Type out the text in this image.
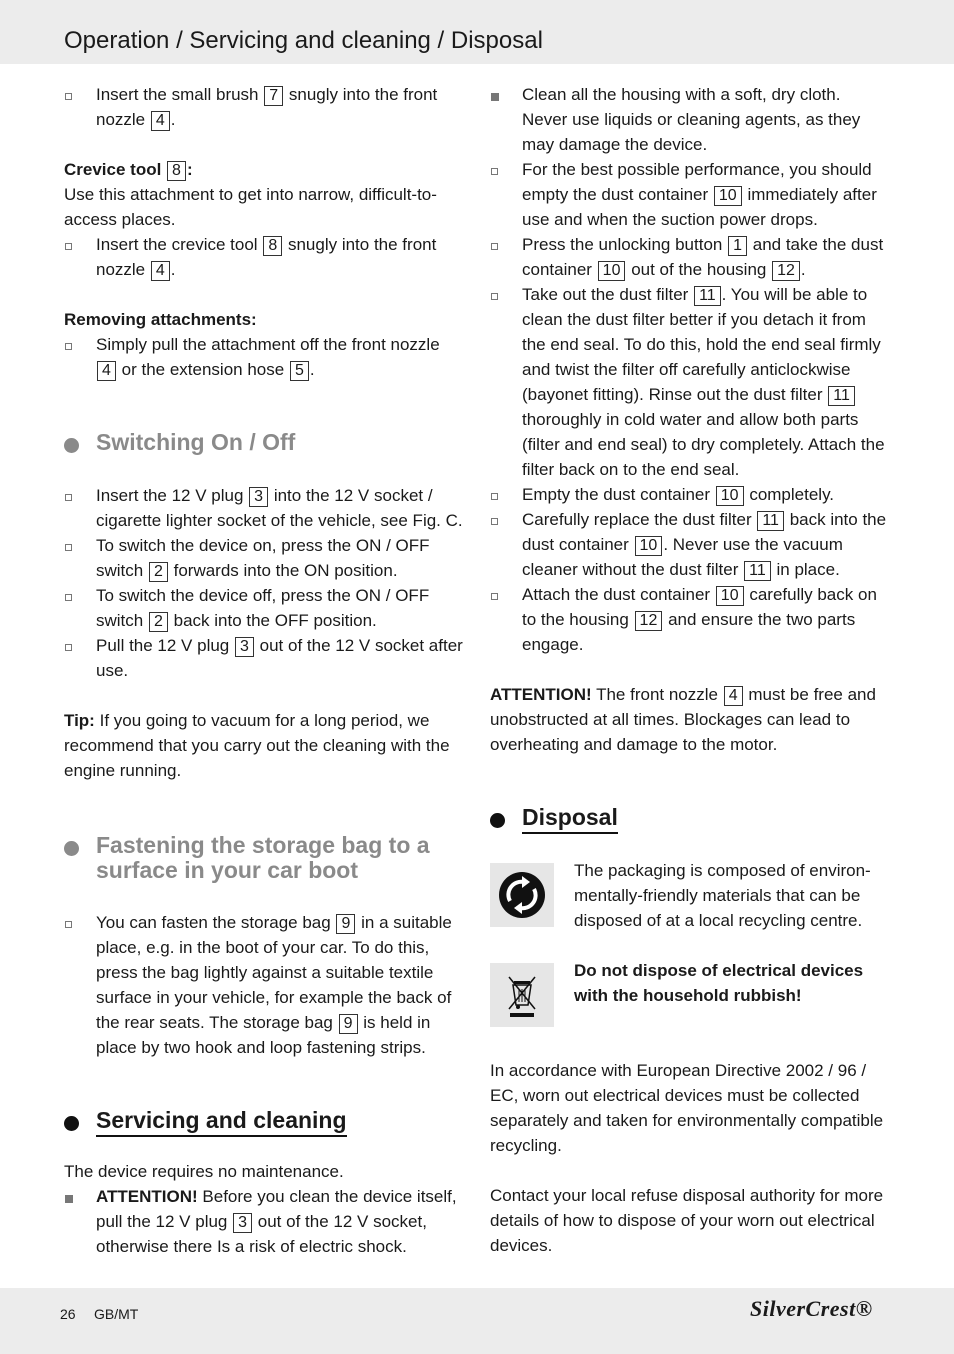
Operation / Servicing and cleaning / Disposal
Insert the small brush 7 snugly into the front nozzle 4 .

Crevice tool 8 :

Use this attachment to get into narrow, difficult-to-access places.

Insert the crevice tool 8 snugly into the front nozzle 4 .

Removing attachments:

Simply pull the attachment off the front nozzle 4 or the extension hose 5 .
Switching On / Off
Insert the 12 V plug 3 into the 12 V socket / cigarette lighter socket of the vehicle, see Fig. C.
To switch the device on, press the ON / OFF switch 2 forwards into the ON position.
To switch the device off, press the ON / OFF switch 2 back into the OFF position.
Pull the 12 V plug 3 out of the 12 V socket after use.

Tip: If you going to vacuum for a long period, we recommend that you carry out the cleaning with the engine running.

Fastening the storage bag to a surface in your car boot
You can fasten the storage bag 9 in a suitable place, e.g. in the boot of your car. To do this, press the bag lightly against a suitable textile surface in your vehicle, for example the back of the rear seats. The storage bag 9 is held in place by two hook and loop fastening strips.
Servicing and cleaning

The device requires no maintenance.

ATTENTION! Before you clean the device itself, pull the 12 V plug 3 out of the 12 V socket, otherwise there Is a risk of electric shock.
Clean all the housing with a soft, dry cloth. Never use liquids or cleaning agents, as they may damage the device.
For the best possible performance, you should empty the dust container 10 immediately after use and when the suction power drops.
Press the unlocking button 1 and take the dust container 10 out of the housing 12 .
Take out the dust filter 11 . You will be able to clean the dust filter better if you detach it from the end seal. To do this, hold the end seal firmly and twist the filter off carefully anticlockwise (bayonet fitting). Rinse out the dust filter 11 thoroughly in cold water and allow both parts (filter and end seal) to dry completely. Attach the filter back on to the end seal.
Empty the dust container 10 completely.
Carefully replace the dust filter 11 back into the dust container 10 . Never use the vacuum cleaner without the dust filter 11 in place.
Attach the dust container 10 carefully back on to the housing 12 and ensure the two parts engage.

ATTENTION! The front nozzle 4 must be free and unobstructed at all times. Blockages can lead to overheating and damage to the motor.

Disposal
The packaging is composed of environ-mentally-friendly materials that can be disposed of at a local recycling centre.
Do not dispose of electrical devices with the household rubbish!
In accordance with European Directive 2002 / 96 / EC, worn out electrical devices must be collected separately and taken for environmentally compatible recycling.
Contact your local refuse disposal authority for more details of how to dispose of your worn out electrical devices.
26 GB/MT	SilverCrest®
